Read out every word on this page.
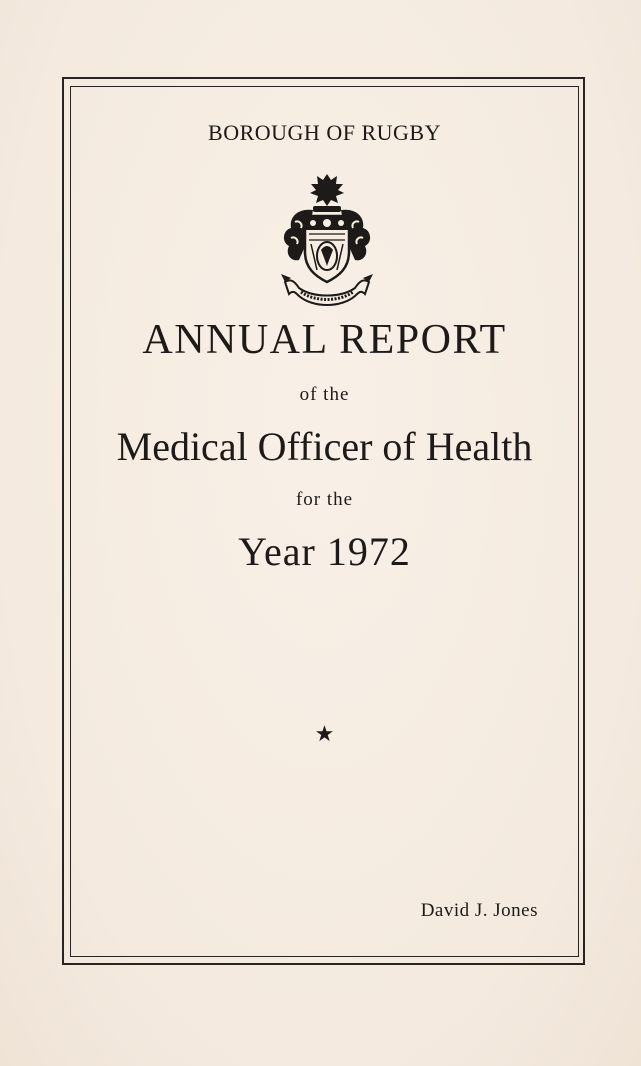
BOROUGH OF RUGBY
ANNUAL REPORT
of the
Medical Officer of Health
for the
Year 1972
★
David J. Jones
